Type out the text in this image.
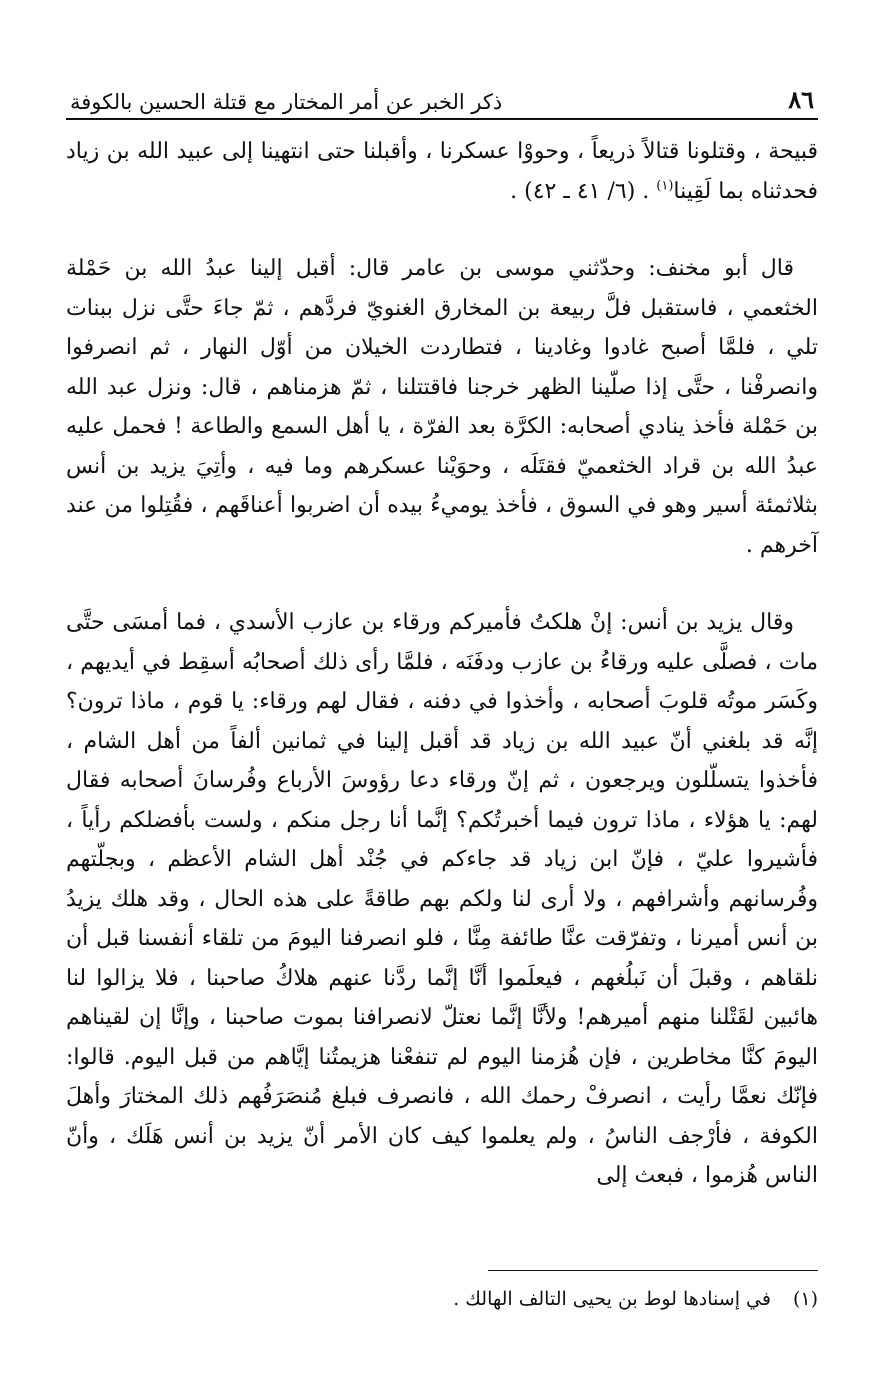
٨٦
ذكر الخبر عن أمر المختار مع قتلة الحسين بالكوفة

قبيحة ، وقتلونا قتالاً ذريعاً ، وحووْا عسكرنا ، وأقبلنا حتى انتهينا إلى عبيد الله بن زياد فحدثناه بما لَقِينا$^{(١)}$ . (٦/ ٤١ ـ ٤٢) .

قال أبو مخنف: وحدّثني موسى بن عامر قال: أقبل إلينا عبدُ الله بن حَمْلة الخثعمي ، فاستقبل فلَّ ربيعة بن المخارق الغنويّ فردَّهم ، ثمّ جاءَ حتَّى نزل ببنات تلي ، فلمَّا أصبح غادوا وغادينا ، فتطاردت الخيلان من أوّل النهار ، ثم انصرفوا وانصرفْنا ، حتَّى إذا صلّينا الظهر خرجنا فاقتتلنا ، ثمّ هزمناهم ، قال: ونزل عبد الله بن حَمْلة فأخذ ينادي أصحابه: الكرَّة بعد الفرّة ، يا أهل السمع والطاعة ! فحمل عليه عبدُ الله بن قراد الخثعميّ فقتَلَه ، وحوَيْنا عسكرهم وما فيه ، وأتِيَ يزيد بن أنس بثلاثمئة أسير وهو في السوق ، فأخذ يوميءُ بيده أن اضربوا أعناقَهم ، فقُتِلوا من عند آخرهم .

وقال يزيد بن أنس: إنْ هلكتُ فأميركم ورقاء بن عازب الأسدي ، فما أمسَى حتَّى مات ، فصلَّى عليه ورقاءُ بن عازب ودفَنَه ، فلمَّا رأى ذلك أصحابُه أسقِط في أيديهم ، وكَسَر موتُه قلوبَ أصحابه ، وأخذوا في دفنه ، فقال لهم ورقاء: يا قوم ، ماذا ترون؟ إنَّه قد بلغني أنّ عبيد الله بن زياد قد أقبل إلينا في ثمانين ألفاً من أهل الشام ، فأخذوا يتسلّلون ويرجعون ، ثم إنّ ورقاء دعا رؤوسَ الأرباع وفُرسانَ أصحابه فقال لهم: يا هؤلاء ، ماذا ترون فيما أخبرتُكم؟ إنَّما أنا رجل منكم ، ولست بأفضلكم رأياً ، فأشيروا عليّ ، فإنّ ابن زياد قد جاءكم في جُنْد أهل الشام الأعظم ، وبجلّتهم وفُرسانهم وأشرافهم ، ولا أرى لنا ولكم بهم طاقةً على هذه الحال ، وقد هلك يزيدُ بن أنس أميرنا ، وتفرّقت عنَّا طائفة مِنَّا ، فلو انصرفنا اليومَ من تلقاء أنفسنا قبل أن نلقاهم ، وقبلَ أن نَبلُغهم ، فيعلَموا أنَّا إنَّما ردَّنا عنهم هلاكُ صاحبنا ، فلا يزالوا لنا هائبين لقَتْلنا منهم أميرهم! ولأنَّا إنَّما نعتلّ لانصرافنا بموت صاحبنا ، وإنَّا إن لقيناهم اليومَ كنَّا مخاطرين ، فإن هُزمنا اليوم لم تنفعْنا هزيمتُنا إيَّاهم من قبل اليوم. قالوا: فإنّك نعمَّا رأيت ، انصرفْ رحمك الله ، فانصرف فبلغ مُنصَرَفُهم ذلك المختارَ وأهلَ الكوفة ، فأرْجف الناسُ ، ولم يعلموا كيف كان الأمر أنّ يزيد بن أنس هَلَك ، وأنّ الناس هُزموا ، فبعث إلى

(١)في إسنادها لوط بن يحيى التالف الهالك .
